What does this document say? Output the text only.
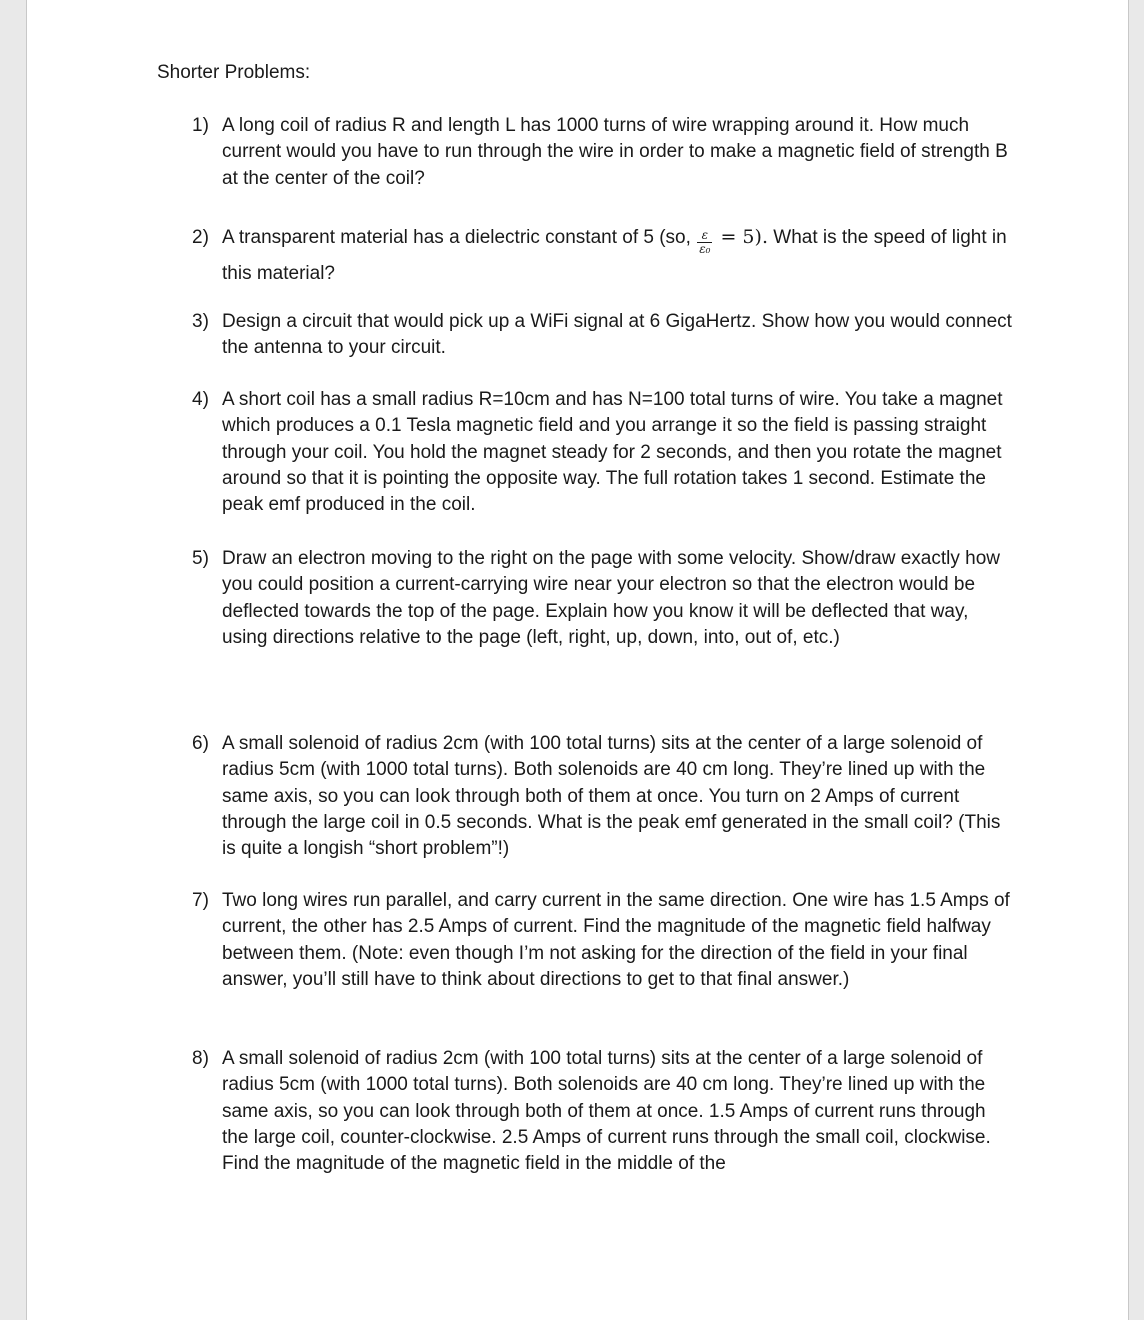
Shorter Problems:
1) A long coil of radius R and length L has 1000 turns of wire wrapping around it. How much current would you have to run through the wire in order to make a magnetic field of strength B at the center of the coil?
2) A transparent material has a dielectric constant of 5 (so, $\frac{\varepsilon}{\text{ε₀}} = 5$). What is the speed of light in this material?
3) Design a circuit that would pick up a WiFi signal at 6 GigaHertz. Show how you would connect the antenna to your circuit.
4) A short coil has a small radius R=10cm and has N=100 total turns of wire. You take a magnet which produces a 0.1 Tesla magnetic field and you arrange it so the field is passing straight through your coil. You hold the magnet steady for 2 seconds, and then you rotate the magnet around so that it is pointing the opposite way. The full rotation takes 1 second. Estimate the peak emf produced in the coil.
5) Draw an electron moving to the right on the page with some velocity. Show/draw exactly how you could position a current-carrying wire near your electron so that the electron would be deflected towards the top of the page. Explain how you know it will be deflected that way, using directions relative to the page (left, right, up, down, into, out of, etc.)
6) A small solenoid of radius 2cm (with 100 total turns) sits at the center of a large solenoid of radius 5cm (with 1000 total turns). Both solenoids are 40 cm long. They’re lined up with the same axis, so you can look through both of them at once. You turn on 2 Amps of current through the large coil in 0.5 seconds. What is the peak emf generated in the small coil? (This is quite a longish “short problem”!)
7) Two long wires run parallel, and carry current in the same direction. One wire has 1.5 Amps of current, the other has 2.5 Amps of current. Find the magnitude of the magnetic field halfway between them. (Note: even though I’m not asking for the direction of the field in your final answer, you’ll still have to think about directions to get to that final answer.)
8) A small solenoid of radius 2cm (with 100 total turns) sits at the center of a large solenoid of radius 5cm (with 1000 total turns). Both solenoids are 40 cm long. They’re lined up with the same axis, so you can look through both of them at once. 1.5 Amps of current runs through the large coil, counter-clockwise. 2.5 Amps of current runs through the small coil, clockwise. Find the magnitude of the magnetic field in the middle of the
